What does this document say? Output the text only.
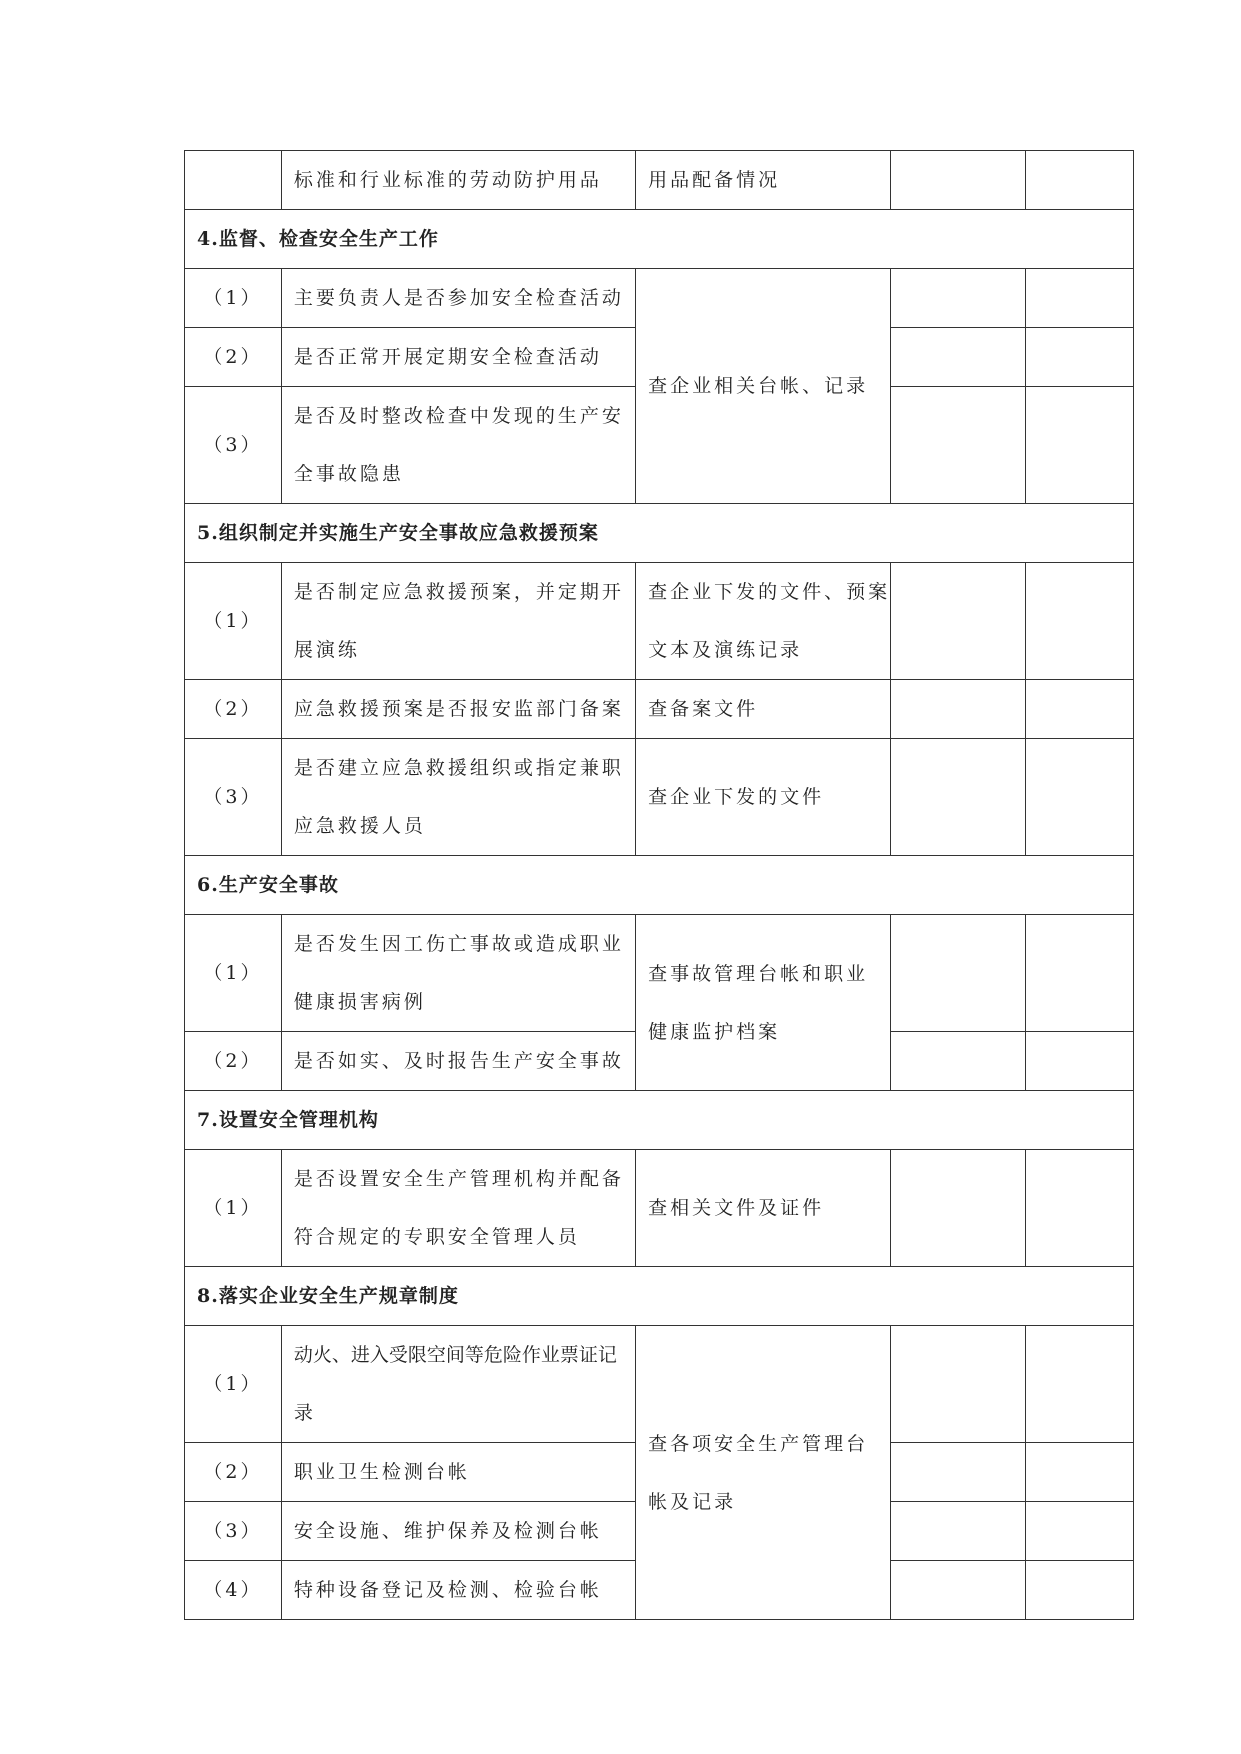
	标准和行业标准的劳动防护用品	用品配备情况		

4.监督、检查安全生产工作				

（1）	主要负责人是否参加安全检查活动	查企业相关台帐、记录		

（2）	是否正常开展定期安全检查活动			

（3）	是否及时整改检查中发现的生产安
全事故隐患			

5.组织制定并实施生产安全事故应急救援预案				

（1）	是否制定应急救援预案，并定期开
展演练	查企业下发的文件、预案
文本及演练记录		

（2）	应急救援预案是否报安监部门备案	查备案文件		

（3）	是否建立应急救援组织或指定兼职
应急救援人员	查企业下发的文件		

6.生产安全事故				

（1）	是否发生因工伤亡事故或造成职业
健康损害病例	查事故管理台帐和职业
健康监护档案		

（2）	是否如实、及时报告生产安全事故			

7.设置安全管理机构				

（1）	是否设置安全生产管理机构并配备
符合规定的专职安全管理人员	查相关文件及证件		

8.落实企业安全生产规章制度				

（1）	动火、进入受限空间等危险作业票证记录	查各项安全生产管理台
帐及记录		

（2）	职业卫生检测台帐			

（3）	安全设施、维护保养及检测台帐			

（4）	特种设备登记及检测、检验台帐			
